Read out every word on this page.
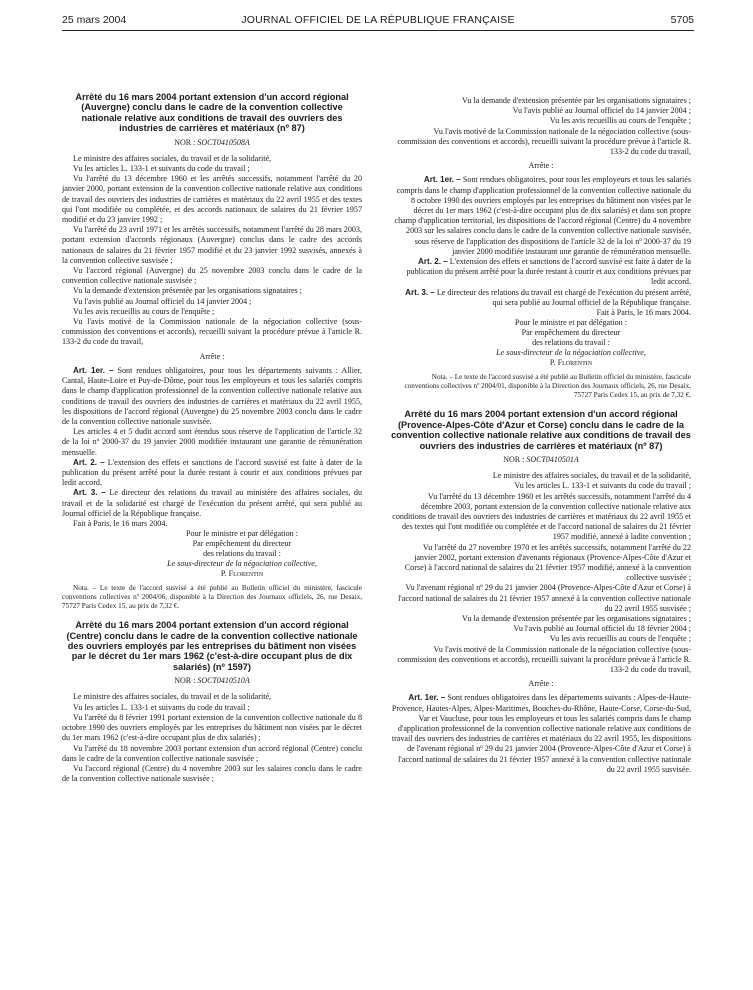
25 mars 2004	JOURNAL OFFICIEL DE LA RÉPUBLIQUE FRANÇAISE	5705
Arrêté du 16 mars 2004 portant extension d'un accord régional (Auvergne) conclu dans le cadre de la convention collective nationale relative aux conditions de travail des ouvriers des industries de carrières et matériaux (nº 87)
NOR : SOCT0410508A

Le ministre des affaires sociales, du travail et de la solidarité,

Vu les articles L. 133-1 et suivants du code du travail ;

Vu l'arrêté du 13 décembre 1960 et les arrêtés successifs, notamment l'arrêté du 20 janvier 2000, portant extension de la convention collective nationale relative aux conditions de travail des ouvriers des industries de carrières et matériaux du 22 avril 1955 et des textes qui l'ont modifiée ou complétée, et des accords nationaux de salaires du 21 février 1957 modifié et du 23 janvier 1992 ;

Vu l'arrêté du 23 avril 1971 et les arrêtés successifs, notamment l'arrêté du 28 mars 2003, portant extension d'accords régionaux (Auvergne) conclus dans le cadre des accords nationaux de salaires du 21 février 1957 modifié et du 23 janvier 1992 susvisés, annexés à la convention collective susvisée ;

Vu l'accord régional (Auvergne) du 25 novembre 2003 conclu dans le cadre de la convention collective nationale susvisée ;

Vu la demande d'extension présentée par les organisations signataires ;

Vu l'avis publié au Journal officiel du 14 janvier 2004 ;

Vu les avis recueillis au cours de l'enquête ;

Vu l'avis motivé de la Commission nationale de la négociation collective (sous-commission des conventions et accords), recueilli suivant la procédure prévue à l'article R. 133-2 du code du travail,

Arrête :

Art. 1er. – Sont rendues obligatoires, pour tous les départements suivants : Allier, Cantal, Haute-Loire et Puy-de-Dôme, pour tous les employeurs et tous les salariés compris dans le champ d'application professionnel de la convention collective nationale relative aux conditions de travail des ouvriers des industries de carrières et matériaux du 22 avril 1955, les dispositions de l'accord régional (Auvergne) du 25 novembre 2003 conclu dans le cadre de la convention collective nationale susvisée.

Les articles 4 et 5 dudit accord sont étendus sous réserve de l'application de l'article 32 de la loi nº 2000-37 du 19 janvier 2000 modifiée instaurant une garantie de rémunération mensuelle.

Art. 2. – L'extension des effets et sanctions de l'accord susvisé est faite à dater de la publication du présent arrêté pour la durée restant à courir et aux conditions prévues par ledit accord.

Art. 3. – Le directeur des relations du travail au ministère des affaires sociales, du travail et de la solidarité est chargé de l'exécution du présent arrêté, qui sera publié au Journal officiel de la République française.

Fait à Paris, le 16 mars 2004.

Pour le ministre et par délégation :
Par empêchement du directeur
des relations du travail :
Le sous-directeur de la négociation collective,
P. Florentin

Nota. – Le texte de l'accord susvisé a été publié au Bulletin officiel du ministère, fascicule conventions collectives nº 2004/06, disponible à la Direction des Journaux officiels, 26, rue Desaix, 75727 Paris Cedex 15, au prix de 7,32 €.

Arrêté du 16 mars 2004 portant extension d'un accord régional (Centre) conclu dans le cadre de la convention collective nationale des ouvriers employés par les entreprises du bâtiment non visées par le décret du 1er mars 1962 (c'est-à-dire occupant plus de dix salariés) (nº 1597)
NOR : SOCT0410510A

Le ministre des affaires sociales, du travail et de la solidarité,

Vu les articles L. 133-1 et suivants du code du travail ;

Vu l'arrêté du 8 février 1991 portant extension de la convention collective nationale du 8 octobre 1990 des ouvriers employés par les entreprises du bâtiment non visées par le décret du 1er mars 1962 (c'est-à-dire occupant plus de dix salariés) ;

Vu l'arrêté du 18 novembre 2003 portant extension d'un accord régional (Centre) conclu dans le cadre de la convention collective nationale susvisée ;

Vu l'accord régional (Centre) du 4 novembre 2003 sur les salaires conclu dans le cadre de la convention collective nationale susvisée ;

Vu la demande d'extension présentée par les organisations signataires ;

Vu l'avis publié au Journal officiel du 14 janvier 2004 ;

Vu les avis recueillis au cours de l'enquête ;

Vu l'avis motivé de la Commission nationale de la négociation collective (sous-commission des conventions et accords), recueilli suivant la procédure prévue à l'article R. 133-2 du code du travail,

Arrête :

Art. 1er. – Sont rendues obligatoires, pour tous les employeurs et tous les salariés compris dans le champ d'application professionnel de la convention collective nationale du 8 octobre 1990 des ouvriers employés par les entreprises du bâtiment non visées par le décret du 1er mars 1962 (c'est-à-dire occupant plus de dix salariés) et dans son propre champ d'application territorial, les dispositions de l'accord régional (Centre) du 4 novembre 2003 sur les salaires conclu dans le cadre de la convention collective nationale susvisée, sous réserve de l'application des dispositions de l'article 32 de la loi nº 2000-37 du 19 janvier 2000 modifiée instaurant une garantie de rémunération mensuelle.

Art. 2. – L'extension des effets et sanctions de l'accord susvisé est faite à dater de la publication du présent arrêté pour la durée restant à courir et aux conditions prévues par ledit accord.

Art. 3. – Le directeur des relations du travail est chargé de l'exécution du présent arrêté, qui sera publié au Journal officiel de la République française.

Fait à Paris, le 16 mars 2004.

Pour le ministre et par délégation :
Par empêchement du directeur
des relations du travail :
Le sous-directeur de la négociation collective,
P. Florentin

Nota. – Le texte de l'accord susvisé a été publié au Bulletin officiel du ministère, fascicule conventions collectives nº 2004/01, disponible à la Direction des Journaux officiels, 26, rue Desaix, 75727 Paris Cedex 15, au prix de 7,32 €.

Arrêté du 16 mars 2004 portant extension d'un accord régional (Provence-Alpes-Côte d'Azur et Corse) conclu dans le cadre de la convention collective nationale relative aux conditions de travail des ouvriers des industries de carrières et matériaux (nº 87)
NOR : SOCT0410501A

Le ministre des affaires sociales, du travail et de la solidarité,

Vu les articles L. 133-1 et suivants du code du travail ;

Vu l'arrêté du 13 décembre 1960 et les arrêtés successifs, notamment l'arrêté du 4 décembre 2003, portant extension de la convention collective nationale relative aux conditions de travail des ouvriers des industries de carrières et matériaux du 22 avril 1955 et des textes qui l'ont modifiée ou complétée et de l'accord national de salaires du 21 février 1957 modifié, annexé à ladite convention ;

Vu l'arrêté du 27 novembre 1970 et les arrêtés successifs, notamment l'arrêté du 22 janvier 2002, portant extension d'avenants régionaux (Provence-Alpes-Côte d'Azur et Corse) à l'accord national de salaires du 21 février 1957 modifié, annexé à la convention collective susvisée ;

Vu l'avenant régional nº 29 du 21 janvier 2004 (Provence-Alpes-Côte d'Azur et Corse) à l'accord national de salaires du 21 février 1957 annexé à la convention collective nationale du 22 avril 1955 susvisée ;

Vu la demande d'extension présentée par les organisations signataires ;

Vu l'avis publié au Journal officiel du 18 février 2004 ;

Vu les avis recueillis au cours de l'enquête ;

Vu l'avis motivé de la Commission nationale de la négociation collective (sous-commission des conventions et accords), recueilli suivant la procédure prévue à l'article R. 133-2 du code du travail,

Arrête :

Art. 1er. – Sont rendues obligatoires dans les départements suivants : Alpes-de-Haute-Provence, Hautes-Alpes, Alpes-Maritimes, Bouches-du-Rhône, Haute-Corse, Corse-du-Sud, Var et Vaucluse, pour tous les employeurs et tous les salariés compris dans le champ d'application professionnel de la convention collective nationale relative aux conditions de travail des ouvriers des industries de carrières et matériaux du 22 avril 1955, les dispositions de l'avenant régional nº 29 du 21 janvier 2004 (Provence-Alpes-Côte d'Azur et Corse) à l'accord national de salaires du 21 février 1957 annexé à la convention collective nationale du 22 avril 1955 susvisée.
